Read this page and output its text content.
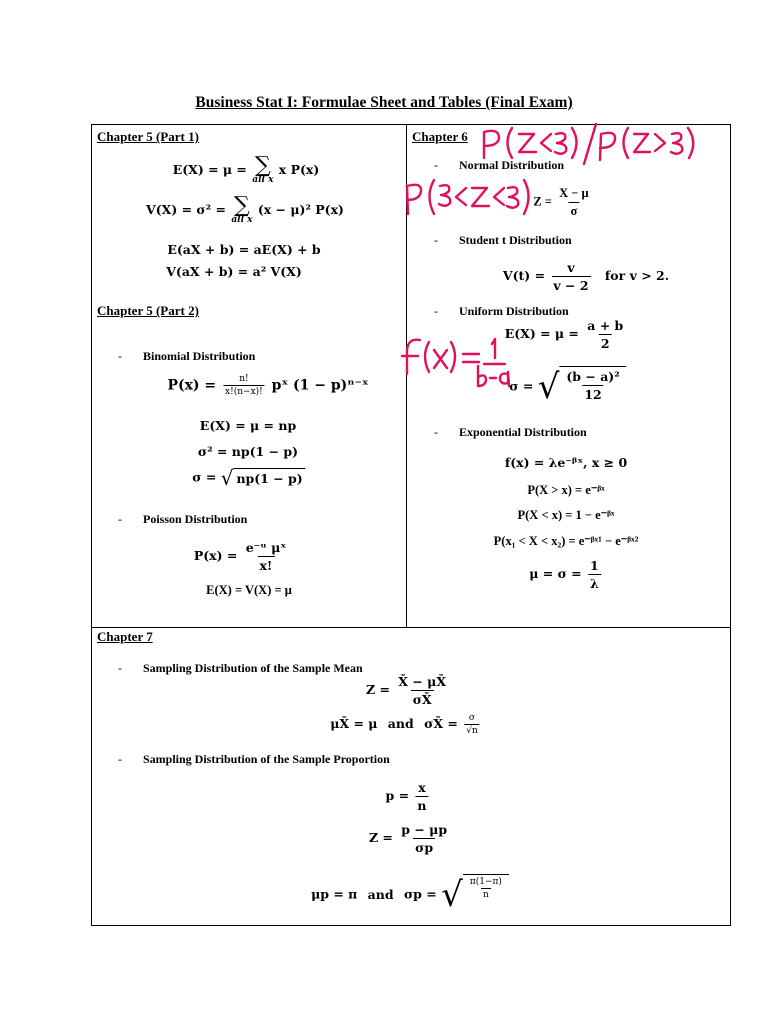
Business Stat I: Formulae Sheet and Tables (Final Exam)
Chapter 5 (Part 1)
E(X) = μ = ∑
all x
x P(x)
V(X) = σ² = ∑
all x
(x − μ)² P(x)
E(aX + b) = aE(X) + b
V(aX + b) = a² V(X)
Chapter 5 (Part 2)
- Binomial Distribution
$P(x) = \frac{n!}{x!(n-x)!}$ pˣ (1 − p)ⁿ⁻ˣ
E(X) = μ = np
σ² = np(1 − p)
σ = √ np(1 − p)
- Poisson Distribution
$P(x) = \frac{\text{e⁻ᵘ μˣ}}{x!}$
E(X) = V(X) = μ
Chapter 6
- Normal Distribution
$Z = \frac{X - \mu}{\sigma}$
- Student t Distribution
$V(t) = \frac{v}{v - 2}$ for v > 2.
- Uniform Distribution
$E(X) = \mu = \frac{a + b}{2}$
σ = √ $\frac{\text{(b − a)²}}{12}$
- Exponential Distribution
f(x) = λe⁻ᵝˣ, x ≥ 0
P(X > x) = e⁻ᵝˣ
P(X < x) = 1 − e⁻ᵝˣ
P(x₁ < X < x₂) = e⁻ᵝˣ¹ − e⁻ᵝˣ²
$\mu = \sigma = \frac{1}{\lambda}$
Chapter 7
- Sampling Distribution of the Sample Mean
$Z = \frac{X̄ - \mu X̄}{\sigma X̄}$
μX̄ = μ and σX̄ = $\frac{\sigma}{√n}$
- Sampling Distribution of the Sample Proportion
$p = \frac{x}{n}$
$Z = \frac{p - \mu p}{\sigma p}$
μp = π and σp = √ $\frac{\pi(1-\pi)}{n}$
